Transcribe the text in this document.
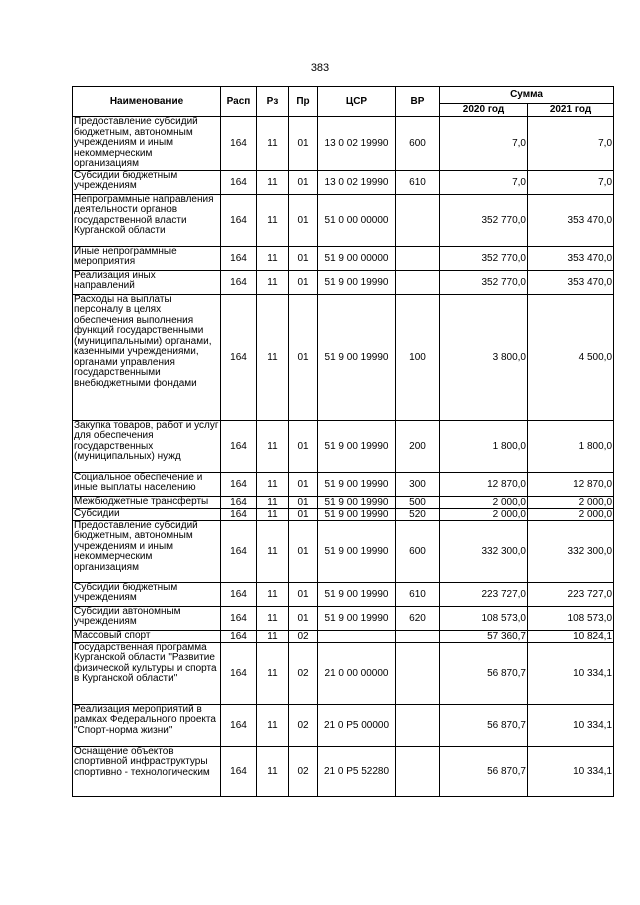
383
Наименование	Расп	Рз	Пр	ЦСР	ВР	Сумма	
						2020 год	2021 год
Предоставление субсидий бюджетным, автономным учреждениям и иным некоммерческим организациям	164	11	01	13 0 02 19990	600	7,0	7,0
Субсидии бюджетным учреждениям	164	11	01	13 0 02 19990	610	7,0	7,0
Непрограммные направления деятельности органов государственной власти Курганской области	164	11	01	51 0 00 00000		352 770,0	353 470,0
Иные непрограммные мероприятия	164	11	01	51 9 00 00000		352 770,0	353 470,0
Реализация иных направлений	164	11	01	51 9 00 19990		352 770,0	353 470,0
Расходы на выплаты персоналу в целях обеспечения выполнения функций государственными (муниципальными) органами, казенными учреждениями, органами управления государственными внебюджетными фондами	164	11	01	51 9 00 19990	100	3 800,0	4 500,0
Закупка товаров, работ и услуг для обеспечения государственных (муниципальных) нужд	164	11	01	51 9 00 19990	200	1 800,0	1 800,0
Социальное обеспечение и иные выплаты населению	164	11	01	51 9 00 19990	300	12 870,0	12 870,0
Межбюджетные трансферты	164	11	01	51 9 00 19990	500	2 000,0	2 000,0
Субсидии	164	11	01	51 9 00 19990	520	2 000,0	2 000,0
Предоставление субсидий бюджетным, автономным учреждениям и иным некоммерческим организациям	164	11	01	51 9 00 19990	600	332 300,0	332 300,0
Субсидии бюджетным учреждениям	164	11	01	51 9 00 19990	610	223 727,0	223 727,0
Субсидии автономным учреждениям	164	11	01	51 9 00 19990	620	108 573,0	108 573,0
Массовый спорт	164	11	02			57 360,7	10 824,1
Государственная программа Курганской области "Развитие физической культуры и спорта в Курганской области"	164	11	02	21 0 00 00000		56 870,7	10 334,1
Реализация мероприятий в рамках Федерального проекта "Спорт-норма жизни"	164	11	02	21 0 P5 00000		56 870,7	10 334,1
Оснащение объектов спортивной инфраструктуры спортивно - технологическим	164	11	02	21 0 P5 52280		56 870,7	10 334,1
